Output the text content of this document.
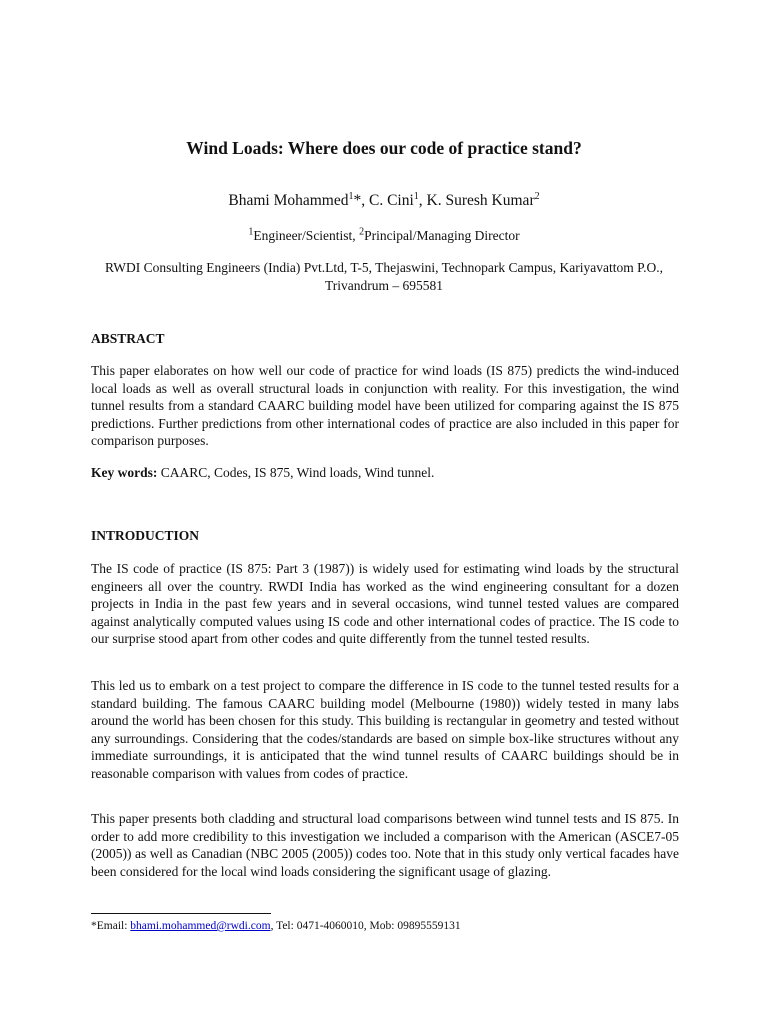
Wind Loads: Where does our code of practice stand?
Bhami Mohammed$^1$*, C. Cini$^1$, K. Suresh Kumar$^2$
$^1$Engineer/Scientist, $^2$Principal/Managing Director
RWDI Consulting Engineers (India) Pvt.Ltd, T-5, Thejaswini, Technopark Campus, Kariyavattom P.O.,
Trivandrum – 695581
ABSTRACT

This paper elaborates on how well our code of practice for wind loads (IS 875) predicts the wind-induced local loads as well as overall structural loads in conjunction with reality. For this investigation, the wind tunnel results from a standard CAARC building model have been utilized for comparing against the IS 875 predictions. Further predictions from other international codes of practice are also included in this paper for comparison purposes.

Key words: CAARC, Codes, IS 875, Wind loads, Wind tunnel.

INTRODUCTION

The IS code of practice (IS 875: Part 3 (1987)) is widely used for estimating wind loads by the structural engineers all over the country. RWDI India has worked as the wind engineering consultant for a dozen projects in India in the past few years and in several occasions, wind tunnel tested values are compared against analytically computed values using IS code and other international codes of practice. The IS code to our surprise stood apart from other codes and quite differently from the tunnel tested results.

This led us to embark on a test project to compare the difference in IS code to the tunnel tested results for a standard building. The famous CAARC building model (Melbourne (1980)) widely tested in many labs around the world has been chosen for this study. This building is rectangular in geometry and tested without any surroundings. Considering that the codes/standards are based on simple box-like structures without any immediate surroundings, it is anticipated that the wind tunnel results of CAARC buildings should be in reasonable comparison with values from codes of practice.

This paper presents both cladding and structural load comparisons between wind tunnel tests and IS 875. In order to add more credibility to this investigation we included a comparison with the American (ASCE7-05 (2005)) as well as Canadian (NBC 2005 (2005)) codes too. Note that in this study only vertical facades have been considered for the local wind loads considering the significant usage of glazing.

*Email: bhami.mohammed@rwdi.com, Tel: 0471-4060010, Mob: 09895559131
